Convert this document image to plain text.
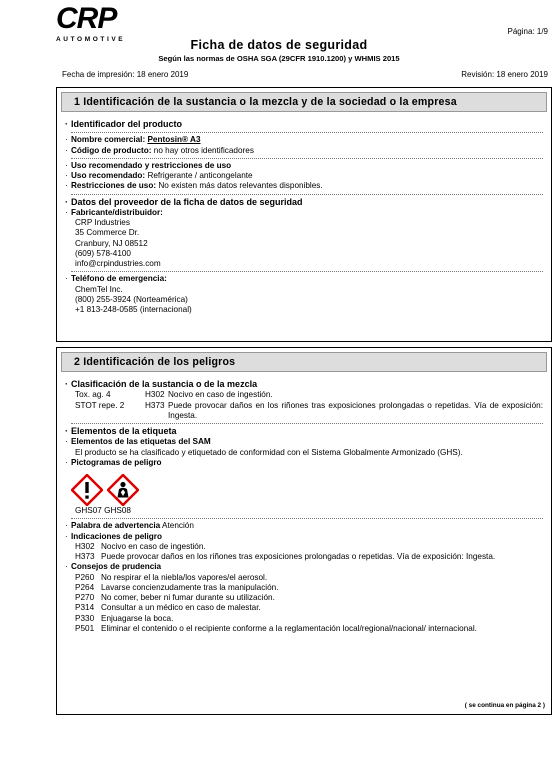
CRP
AUTOMOTIVE
Página: 1/9
Ficha de datos de seguridad
Según las normas de OSHA SGA (29CFR 1910.1200) y WHMIS 2015
Fecha de impresión: 18 enero 2019	Revisión: 18 enero 2019
1 Identificación de la sustancia o la mezcla y de la sociedad o la empresa
· Identificador del producto
· Nombre comercial: Pentosin® A3
· Código de producto: no hay otros identificadores
· Uso recomendado y restricciones de uso
· Uso recomendado: Refrigerante / anticongelante
· Restricciones de uso: No existen más datos relevantes disponibles.
· Datos del proveedor de la ficha de datos de seguridad
· Fabricante/distribuidor:
CRP Industries
35 Commerce Dr.
Cranbury, NJ 08512
(609) 578-4100
info@crpindustries.com
· Teléfono de emergencia:
ChemTel Inc.
(800) 255-3924 (Norteamérica)
+1 813-248-0585 (internacional)
2 Identificación de los peligros
· Clasificación de la sustancia o de la mezcla
Tox. ag. 4	H302 Nocivo en caso de ingestión.
STOT repe. 2	H373 Puede provocar daños en los riñones tras exposiciones prolongadas o repetidas. Vía de exposición: Ingesta.
· Elementos de la etiqueta
· Elementos de las etiquetas del SAM
El producto se ha clasificado y etiquetado de conformidad con el Sistema Globalmente Armonizado (GHS).
· Pictogramas de peligro
GHS07 GHS08
· Palabra de advertencia Atención
· Indicaciones de peligro
H302 Nocivo en caso de ingestión.
H373 Puede provocar daños en los riñones tras exposiciones prolongadas o repetidas. Vía de exposición: Ingesta.
· Consejos de prudencia
P260 No respirar el la niebla/los vapores/el aerosol.
P264 Lavarse concienzudamente tras la manipulación.
P270 No comer, beber ni fumar durante su utilización.
P314 Consultar a un médico en caso de malestar.
P330 Enjuagarse la boca.
P501 Eliminar el contenido o el recipiente conforme a la reglamentación local/regional/nacional/ internacional.
( se continua en página 2 )
